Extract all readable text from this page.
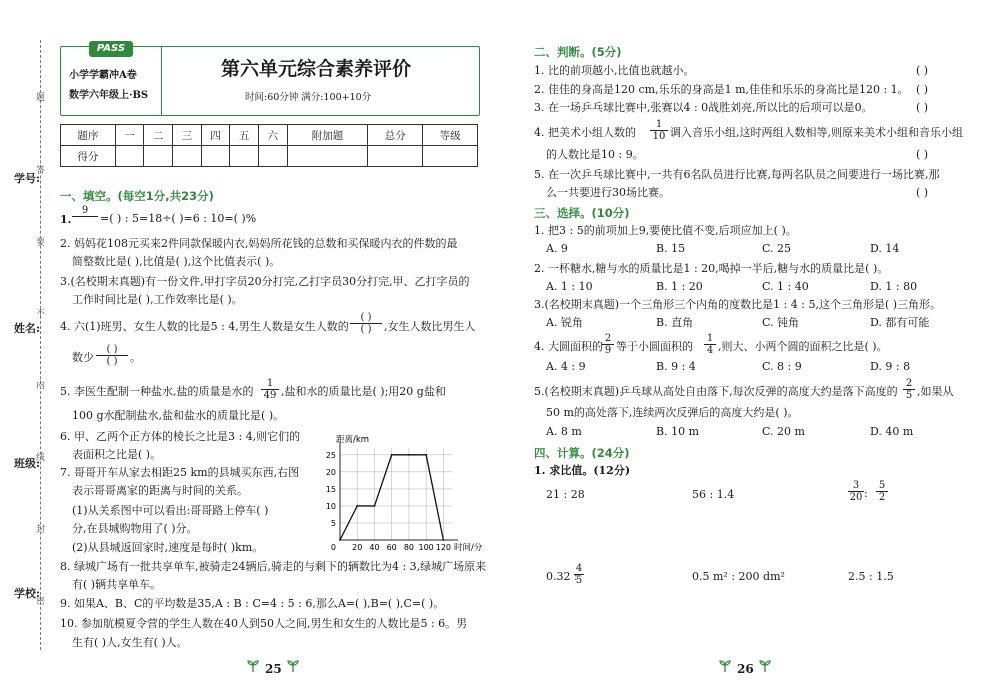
学号:
姓名:
班级:
学校:
题
答
要
不
内
线
封
密
PASS
小学学霸冲A卷
数学六年级上·BS
第六单元综合素养评价
时间:60分钟 满分:100+10分
题序	一	二	三	四	五	六	附加题	总分	等级
得分									
一、填空。(每空1分,共23分)
1.
9
=( ) : 5=18÷( )=6 : 10=( )%
2. 妈妈花108元买来2件同款保暖内衣,妈妈所花钱的总数和买保暖内衣的件数的最
简整数比是( ),比值是( ),这个比值表示( )。
3.(名校期末真题)有一份文件,甲打字员20分打完,乙打字员30分打完,甲、乙打字员的
工作时间比是( ),工作效率比是( )。
4. 六(1)班男、女生人数的比是5 : 4,男生人数是女生人数的
( )
( )	,女生人数比男生人
数少
( )
( )	。
5. 李医生配制一种盐水,盐的质量是水的 $\frac{1}{49}$ ,盐和水的质量比是( );用20 g盐和
100 g水配制盐水,盐和盐水的质量比是( )。
6. 甲、乙两个正方体的棱长之比是3 : 4,则它们的
表面积之比是( )。
7. 哥哥开车从家去相距25 km的县城买东西,右图
表示哥哥离家的距离与时间的关系。
(1)从关系图中可以看出:哥哥路上停车( )
分,在县城购物用了( )分。
(2)从县城返回家时,速度是每时( )km。
5
10
15
20
25
20 40 60 80 100 120
距离/km
时间/分
0
8. 绿城广场有一批共享单车,被骑走24辆后,骑走的与剩下的辆数比为4 : 3,绿城广场原来
有( )辆共享单车。
9. 如果A、B、C的平均数是35,A : B : C=4 : 5 : 6,那么A=( ),B=( ),C=( )。
10. 参加航模夏令营的学生人数在40人到50人之间,男生和女生的人数比是5 : 6。男
生有( )人,女生有( )人。
25
二、判断。(5分)
1. 比的前项越小,比值也就越小。	( )
2. 佳佳的身高是120 cm,乐乐的身高是1 m,佳佳和乐乐的身高比是120 : 1。 ( )
3. 在一场乒乓球比赛中,张赛以4 : 0战胜刘亮,所以比的后项可以是0。	( )
4. 把美术小组人数的 $\frac{1}{10}$ 调入音乐小组,这时两组人数相等,则原来美术小组和音乐小组
的人数比是10 : 9。	( )
5. 在一次乒乓球比赛中,一共有6名队员进行比赛,每两名队员之间要进行一场比赛,那
么一共要进行30场比赛。	( )
三、选择。(10分)
1. 把3 : 5的前项加上9,要使比值不变,后项应加上( )。
A. 9	B. 15	C. 25	D. 14
2. 一杯糖水,糖与水的质量比是1 : 20,喝掉一半后,糖与水的质量比是( )。
A. 1 : 10	B. 1 : 20	C. 1 : 40	D. 1 : 80
3.(名校期末真题)一个三角形三个内角的度数比是1 : 4 : 5,这个三角形是( )三角形。
A. 锐角	B. 直角	C. 钝角	D. 都有可能
4. 大圆面积的 $\frac{2}{9}$ 等于小圆面积的 $\frac{1}{4}$ ,则大、小两个圆的面积之比是( )。
A. 4 : 9	B. 9 : 4	C. 8 : 9	D. 9 : 8
5.(名校期末真题)乒乓球从高处自由落下,每次反弹的高度大约是落下高度的 $\frac{2}{5}$ ,如果从
50 m的高处落下,连续两次反弹后的高度大约是( )。
A. 8 m	B. 10 m	C. 20 m	D. 40 m
四、计算。(24分)
1. 求比值。(12分)
21 : 28	56 : 1.4	$\frac{3}{20}$ : $\frac{5}{2}$
0.32 :
$\frac{4}{5}$	0.5 m² : 200 dm²	2.5 : 1.5
26
